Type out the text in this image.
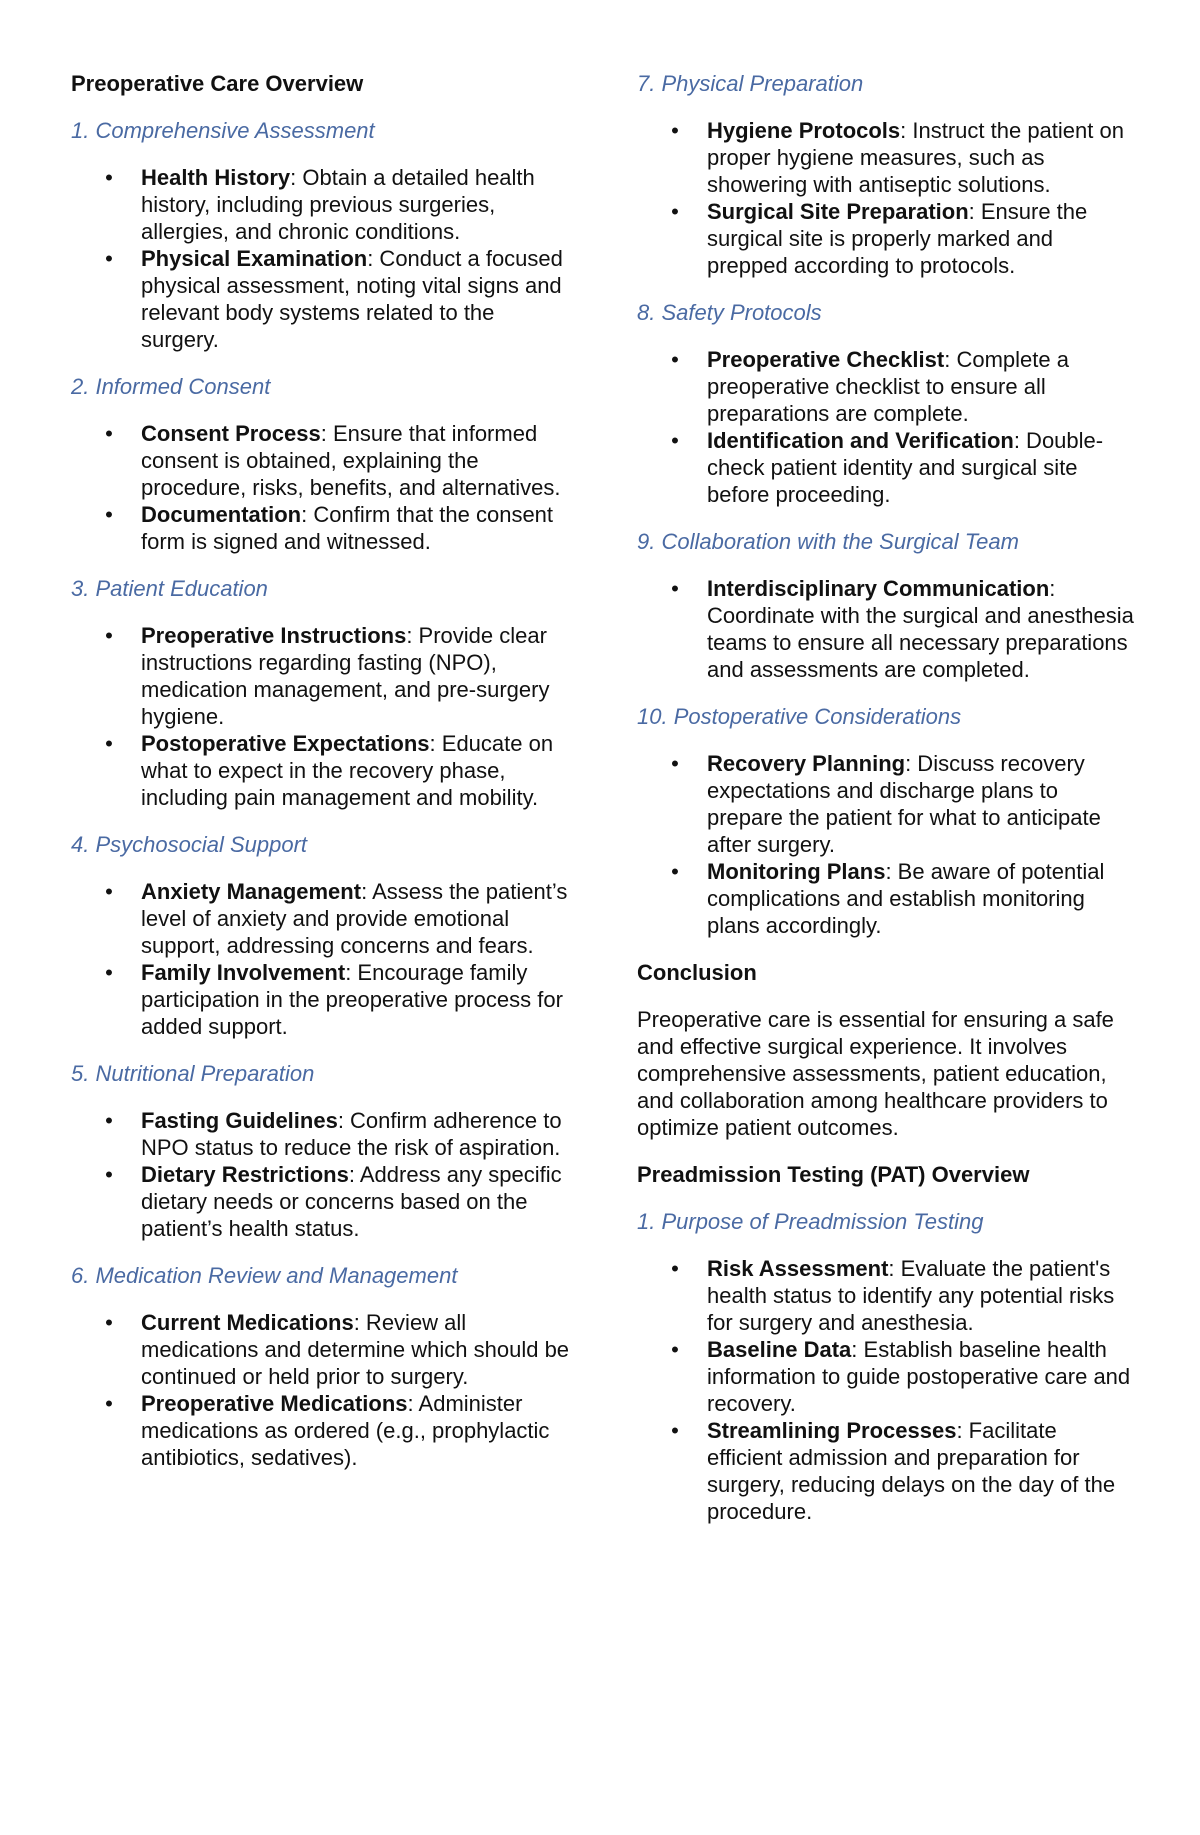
Preoperative Care Overview
1. Comprehensive Assessment
• Health History: Obtain a detailed health history, including previous surgeries, allergies, and chronic conditions.
• Physical Examination: Conduct a focused physical assessment, noting vital signs and relevant body systems related to the surgery.
2. Informed Consent
• Consent Process: Ensure that informed consent is obtained, explaining the procedure, risks, benefits, and alternatives.
• Documentation: Confirm that the consent form is signed and witnessed.
3. Patient Education
• Preoperative Instructions: Provide clear instructions regarding fasting (NPO), medication management, and pre-surgery hygiene.
• Postoperative Expectations: Educate on what to expect in the recovery phase, including pain management and mobility.
4. Psychosocial Support
• Anxiety Management: Assess the patient’s level of anxiety and provide emotional support, addressing concerns and fears.
• Family Involvement: Encourage family participation in the preoperative process for added support.
5. Nutritional Preparation
• Fasting Guidelines: Confirm adherence to NPO status to reduce the risk of aspiration.
• Dietary Restrictions: Address any specific dietary needs or concerns based on the patient’s health status.
6. Medication Review and Management
• Current Medications: Review all medications and determine which should be continued or held prior to surgery.
• Preoperative Medications: Administer medications as ordered (e.g., prophylactic antibiotics, sedatives).
7. Physical Preparation
• Hygiene Protocols: Instruct the patient on proper hygiene measures, such as showering with antiseptic solutions.
• Surgical Site Preparation: Ensure the surgical site is properly marked and prepped according to protocols.
8. Safety Protocols
• Preoperative Checklist: Complete a preoperative checklist to ensure all preparations are complete.
• Identification and Verification: Double-check patient identity and surgical site before proceeding.
9. Collaboration with the Surgical Team
• Interdisciplinary Communication: Coordinate with the surgical and anesthesia teams to ensure all necessary preparations and assessments are completed.
10. Postoperative Considerations
• Recovery Planning: Discuss recovery expectations and discharge plans to prepare the patient for what to anticipate after surgery.
• Monitoring Plans: Be aware of potential complications and establish monitoring plans accordingly.
Conclusion
Preoperative care is essential for ensuring a safe and effective surgical experience. It involves comprehensive assessments, patient education, and collaboration among healthcare providers to optimize patient outcomes.
Preadmission Testing (PAT) Overview
1. Purpose of Preadmission Testing
• Risk Assessment: Evaluate the patient's health status to identify any potential risks for surgery and anesthesia.
• Baseline Data: Establish baseline health information to guide postoperative care and recovery.
• Streamlining Processes: Facilitate efficient admission and preparation for surgery, reducing delays on the day of the procedure.
